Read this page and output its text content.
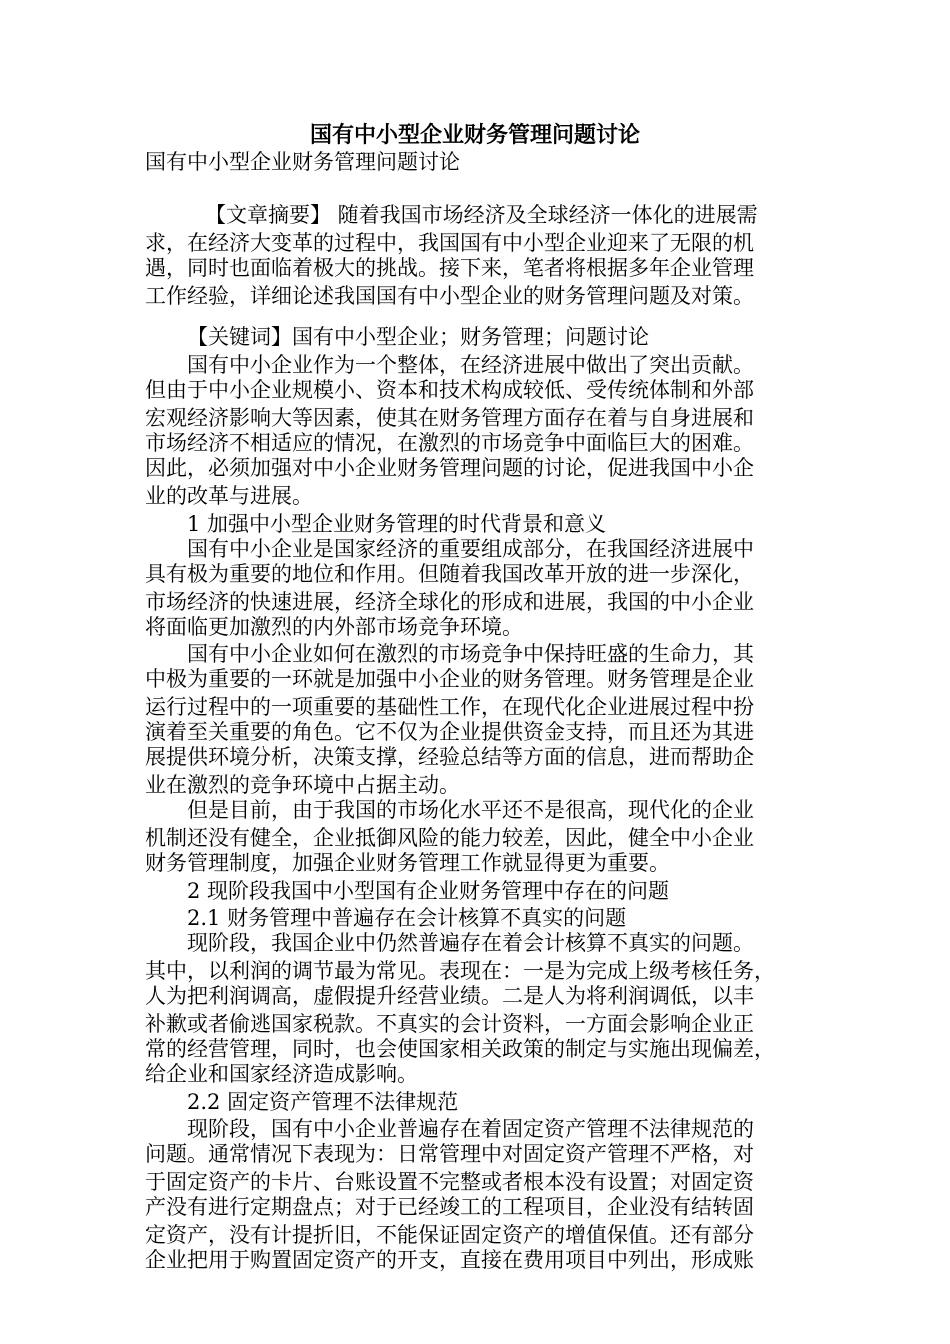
国有中小型企业财务管理问题讨论
国有中小型企业财务管理问题讨论
【文章摘要】 随着我国市场经济及全球经济一体化的进展需
求，在经济大变革的过程中，我国国有中小型企业迎来了无限的机
遇，同时也面临着极大的挑战。接下来，笔者将根据多年企业管理
工作经验，详细论述我国国有中小型企业的财务管理问题及对策。
【关键词】国有中小型企业；财务管理；问题讨论
国有中小企业作为一个整体，在经济进展中做出了突出贡献。
但由于中小企业规模小、资本和技术构成较低、受传统体制和外部
宏观经济影响大等因素，使其在财务管理方面存在着与自身进展和
市场经济不相适应的情况，在激烈的市场竞争中面临巨大的困难。
因此，必须加强对中小企业财务管理问题的讨论，促进我国中小企
业的改革与进展。
1 加强中小型企业财务管理的时代背景和意义
国有中小企业是国家经济的重要组成部分，在我国经济进展中
具有极为重要的地位和作用。但随着我国改革开放的进一步深化，
市场经济的快速进展，经济全球化的形成和进展，我国的中小企业
将面临更加激烈的内外部市场竞争环境。
国有中小企业如何在激烈的市场竞争中保持旺盛的生命力，其
中极为重要的一环就是加强中小企业的财务管理。财务管理是企业
运行过程中的一项重要的基础性工作，在现代化企业进展过程中扮
演着至关重要的角色。它不仅为企业提供资金支持，而且还为其进
展提供环境分析，决策支撑，经验总结等方面的信息，进而帮助企
业在激烈的竞争环境中占据主动。
但是目前，由于我国的市场化水平还不是很高，现代化的企业
机制还没有健全，企业抵御风险的能力较差，因此，健全中小企业
财务管理制度，加强企业财务管理工作就显得更为重要。
2 现阶段我国中小型国有企业财务管理中存在的问题
2.1 财务管理中普遍存在会计核算不真实的问题
现阶段，我国企业中仍然普遍存在着会计核算不真实的问题。
其中，以利润的调节最为常见。表现在：一是为完成上级考核任务，
人为把利润调高，虚假提升经营业绩。二是人为将利润调低，以丰
补歉或者偷逃国家税款。不真实的会计资料，一方面会影响企业正
常的经营管理，同时，也会使国家相关政策的制定与实施出现偏差，
给企业和国家经济造成影响。
2.2 固定资产管理不法律规范
现阶段，国有中小企业普遍存在着固定资产管理不法律规范的
问题。通常情况下表现为：日常管理中对固定资产管理不严格，对
于固定资产的卡片、台账设置不完整或者根本没有设置；对固定资
产没有进行定期盘点；对于已经竣工的工程项目，企业没有结转固
定资产，没有计提折旧，不能保证固定资产的增值保值。还有部分
企业把用于购置固定资产的开支，直接在费用项目中列出，形成账
